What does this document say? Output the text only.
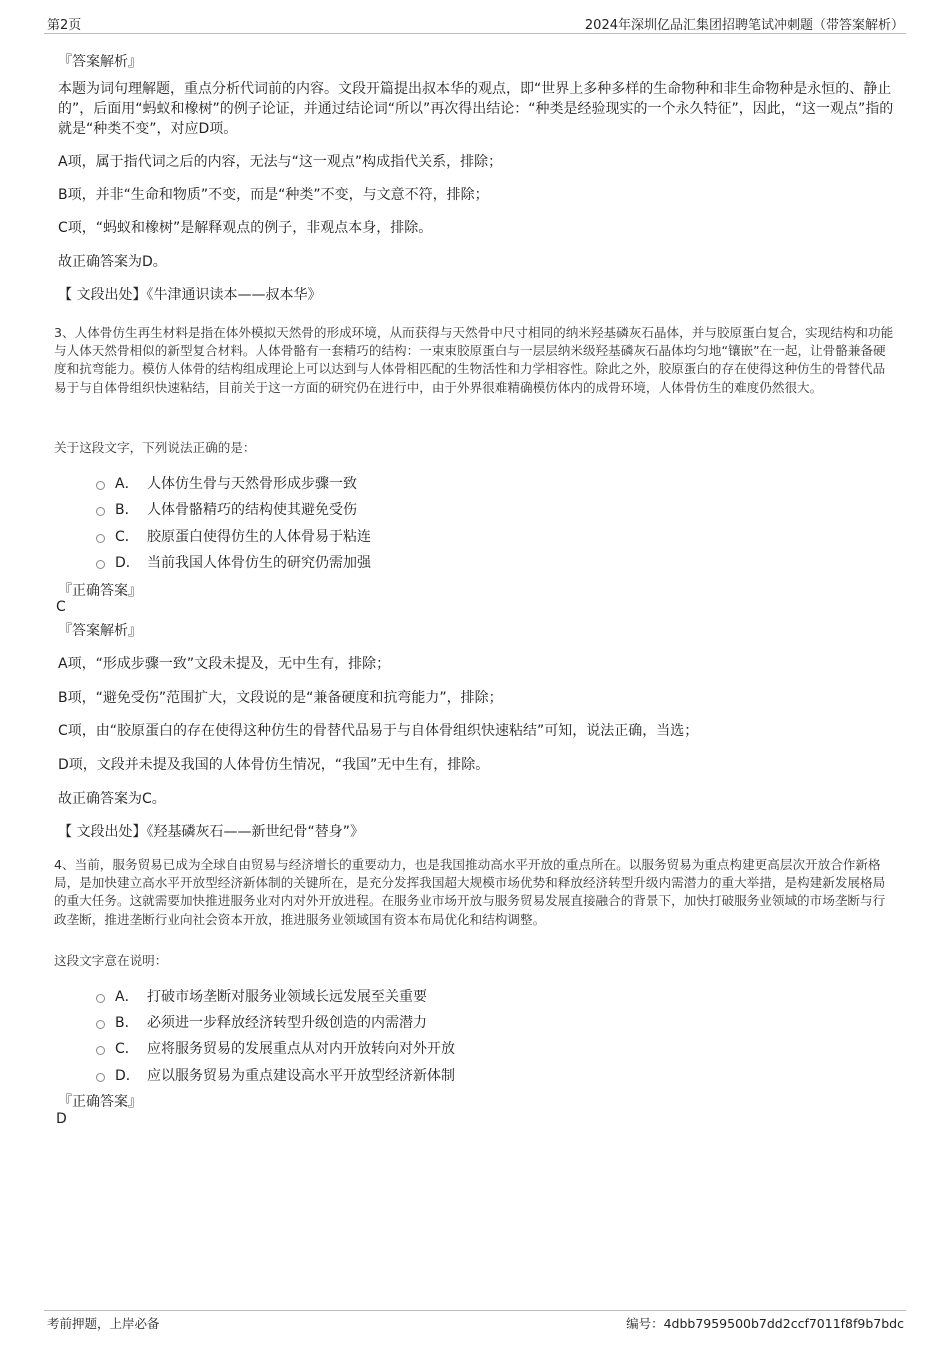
第2页	2024年深圳亿品汇集团招聘笔试冲刺题（带答案解析）
『答案解析』
本题为词句理解题，重点分析代词前的内容。文段开篇提出叔本华的观点，即“世界上多种多样的生命物种和非生命物种是永恒的、静止的”，后面用“蚂蚁和橡树”的例子论证，并通过结论词“所以”再次得出结论：“种类是经验现实的一个永久特征”，因此，“这一观点”指的就是“种类不变”，对应D项。
A项，属于指代词之后的内容，无法与“这一观点”构成指代关系，排除；
B项，并非“生命和物质”不变，而是“种类”不变，与文意不符，排除；
C项，“蚂蚁和橡树”是解释观点的例子，非观点本身，排除。
故正确答案为D。
【 文段出处】《牛津通识读本——叔本华》
3、人体骨仿生再生材料是指在体外模拟天然骨的形成环境，从而获得与天然骨中尺寸相同的纳米羟基磷灰石晶体，并与胶原蛋白复合，实现结构和功能与人体天然骨相似的新型复合材料。人体骨骼有一套精巧的结构：一束束胶原蛋白与一层层纳米级羟基磷灰石晶体均匀地“镶嵌”在一起，让骨骼兼备硬度和抗弯能力。模仿人体骨的结构组成理论上可以达到与人体骨相匹配的生物活性和力学相容性。除此之外，胶原蛋白的存在使得这种仿生的骨替代品易于与自体骨组织快速粘结，目前关于这一方面的研究仍在进行中，由于外界很难精确模仿体内的成骨环境，人体骨仿生的难度仍然很大。
关于这段文字，下列说法正确的是：
A． 人体仿生骨与天然骨形成步骤一致
B． 人体骨骼精巧的结构使其避免受伤
C． 胶原蛋白使得仿生的人体骨易于粘连
D． 当前我国人体骨仿生的研究仍需加强
『正确答案』
C
『答案解析』
A项，“形成步骤一致”文段未提及，无中生有，排除；
B项，“避免受伤”范围扩大，文段说的是“兼备硬度和抗弯能力”，排除；
C项，由“胶原蛋白的存在使得这种仿生的骨替代品易于与自体骨组织快速粘结”可知，说法正确，当选；
D项，文段并未提及我国的人体骨仿生情况，“我国”无中生有，排除。
故正确答案为C。
【 文段出处】《羟基磷灰石——新世纪骨“替身”》
4、当前，服务贸易已成为全球自由贸易与经济增长的重要动力，也是我国推动高水平开放的重点所在。以服务贸易为重点构建更高层次开放合作新格局，是加快建立高水平开放型经济新体制的关键所在，是充分发挥我国超大规模市场优势和释放经济转型升级内需潜力的重大举措，是构建新发展格局的重大任务。这就需要加快推进服务业对内对外开放进程。在服务业市场开放与服务贸易发展直接融合的背景下，加快打破服务业领域的市场垄断与行政垄断，推进垄断行业向社会资本开放，推进服务业领域国有资本布局优化和结构调整。
这段文字意在说明：
A． 打破市场垄断对服务业领域长远发展至关重要
B． 必须进一步释放经济转型升级创造的内需潜力
C． 应将服务贸易的发展重点从对内开放转向对外开放
D． 应以服务贸易为重点建设高水平开放型经济新体制
『正确答案』
D
考前押题，上岸必备	编号：4dbb7959500b7dd2ccf7011f8f9b7bdc
